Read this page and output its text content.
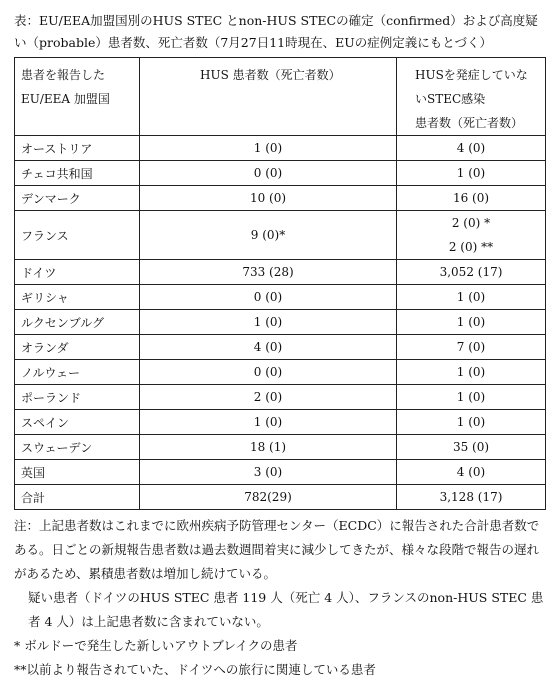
表：EU/EEA加盟国別のHUS STEC とnon-HUS STECの確定（confirmed）および高度疑い（probable）患者数、死亡者数（7月27日11時現在、EUの症例定義にもとづく）
患者を報告した
EU/EEA 加盟国	HUS 患者数（死亡者数）	HUSを発症していないSTEC感染
患者数（死亡者数）

オーストリア	1 (0)	4 (0)

チェコ共和国	0 (0)	1 (0)

デンマーク	10 (0)	16 (0)

フランス	9 (0)*	2 (0) *
2 (0) **

ドイツ	733 (28)	3,052 (17)

ギリシャ	0 (0)	1 (0)

ルクセンブルグ	1 (0)	1 (0)

オランダ	4 (0)	7 (0)

ノルウェー	0 (0)	1 (0)

ポーランド	2 (0)	1 (0)

スペイン	1 (0)	1 (0)

スウェーデン	18 (1)	35 (0)

英国	3 (0)	4 (0)

合計	782(29)	3,128 (17)

注：上記患者数はこれまでに欧州疾病予防管理センター（ECDC）に報告された合計患者数である。日ごとの新規報告患者数は過去数週間着実に減少してきたが、様々な段階で報告の遅れがあるため、累積患者数は増加し続けている。

疑い患者（ドイツのHUS STEC 患者 119 人（死亡 4 人）、フランスのnon-HUS STEC 患者 4 人）は上記患者数に含まれていない。

* ボルドーで発生した新しいアウトブレイクの患者

**以前より報告されていた、ドイツへの旅行に関連している患者
